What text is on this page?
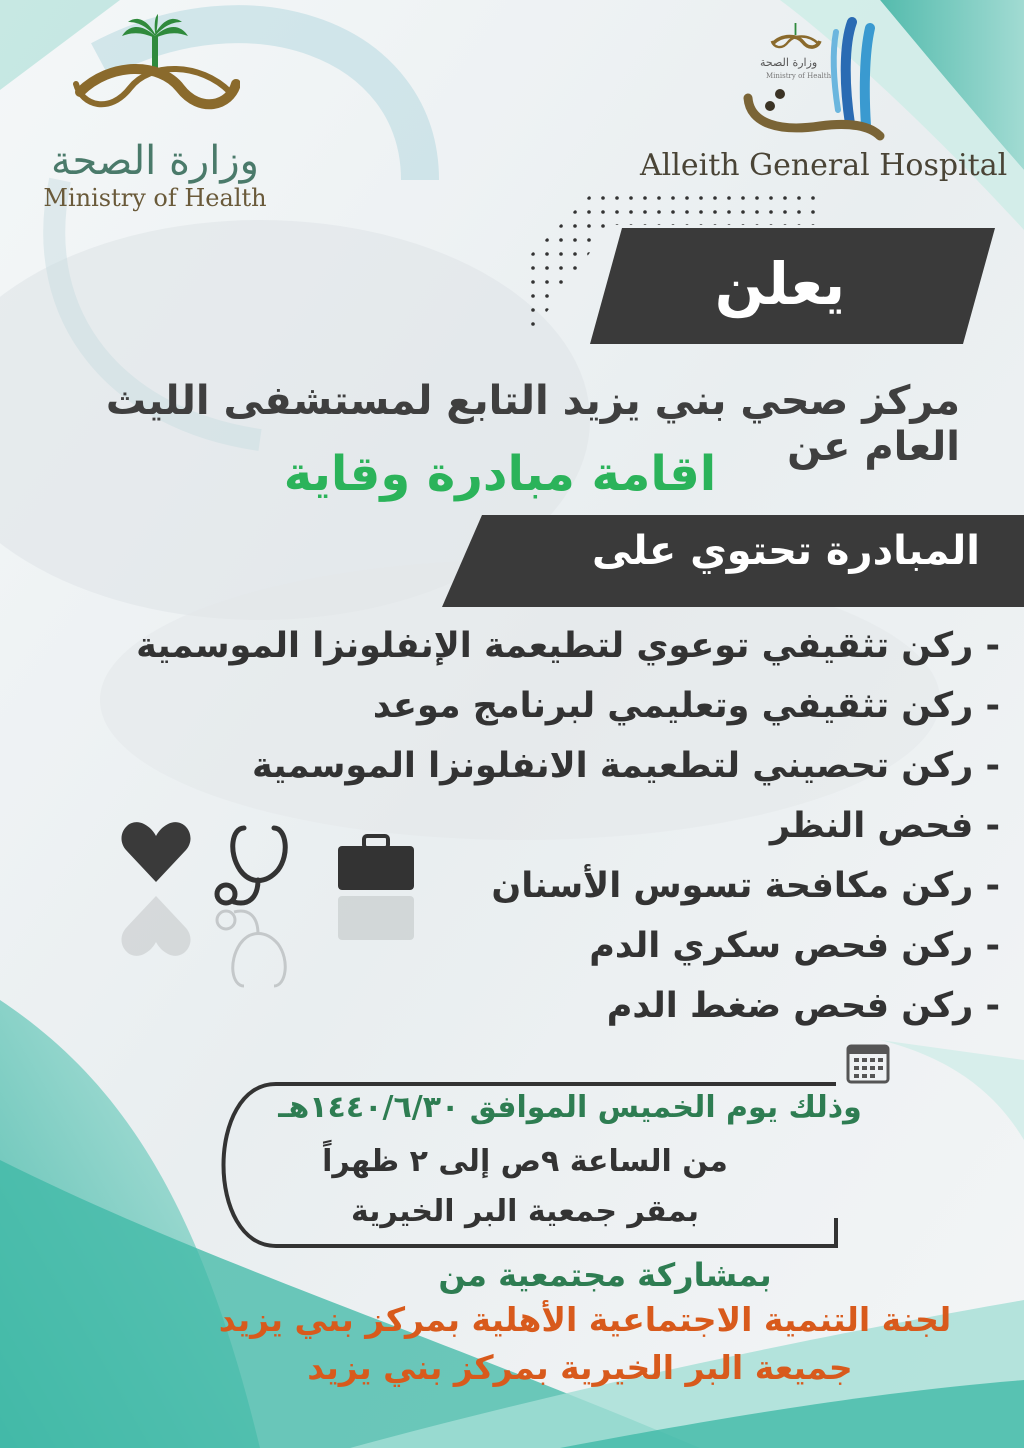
وزارة الصحة
Ministry of Health
وزارة الصحة
Ministry of Health
Alleith General Hospital
يعلن
مركز صحي بني يزيد التابع لمستشفى الليث العام عن
اقامة مبادرة وقاية
المبادرة تحتوي على
- ركن تثقيفي توعوي لتطيعمة الإنفلونزا الموسمية
- ركن تثقيفي وتعليمي لبرنامج موعد
- ركن تحصيني لتطعيمة الانفلونزا الموسمية
- فحص النظر
- ركن مكافحة تسوس الأسنان
- ركن فحص سكري الدم
- ركن فحص ضغط الدم
وذلك يوم الخميس الموافق ١٤٤٠/٦/٣٠هـ
من الساعة ٩ص إلى ٢ ظهراً
بمقر جمعية البر الخيرية
بمشاركة مجتمعية من
لجنة التنمية الاجتماعية الأهلية بمركز بني يزيد
جميعة البر الخيرية بمركز بني يزيد
